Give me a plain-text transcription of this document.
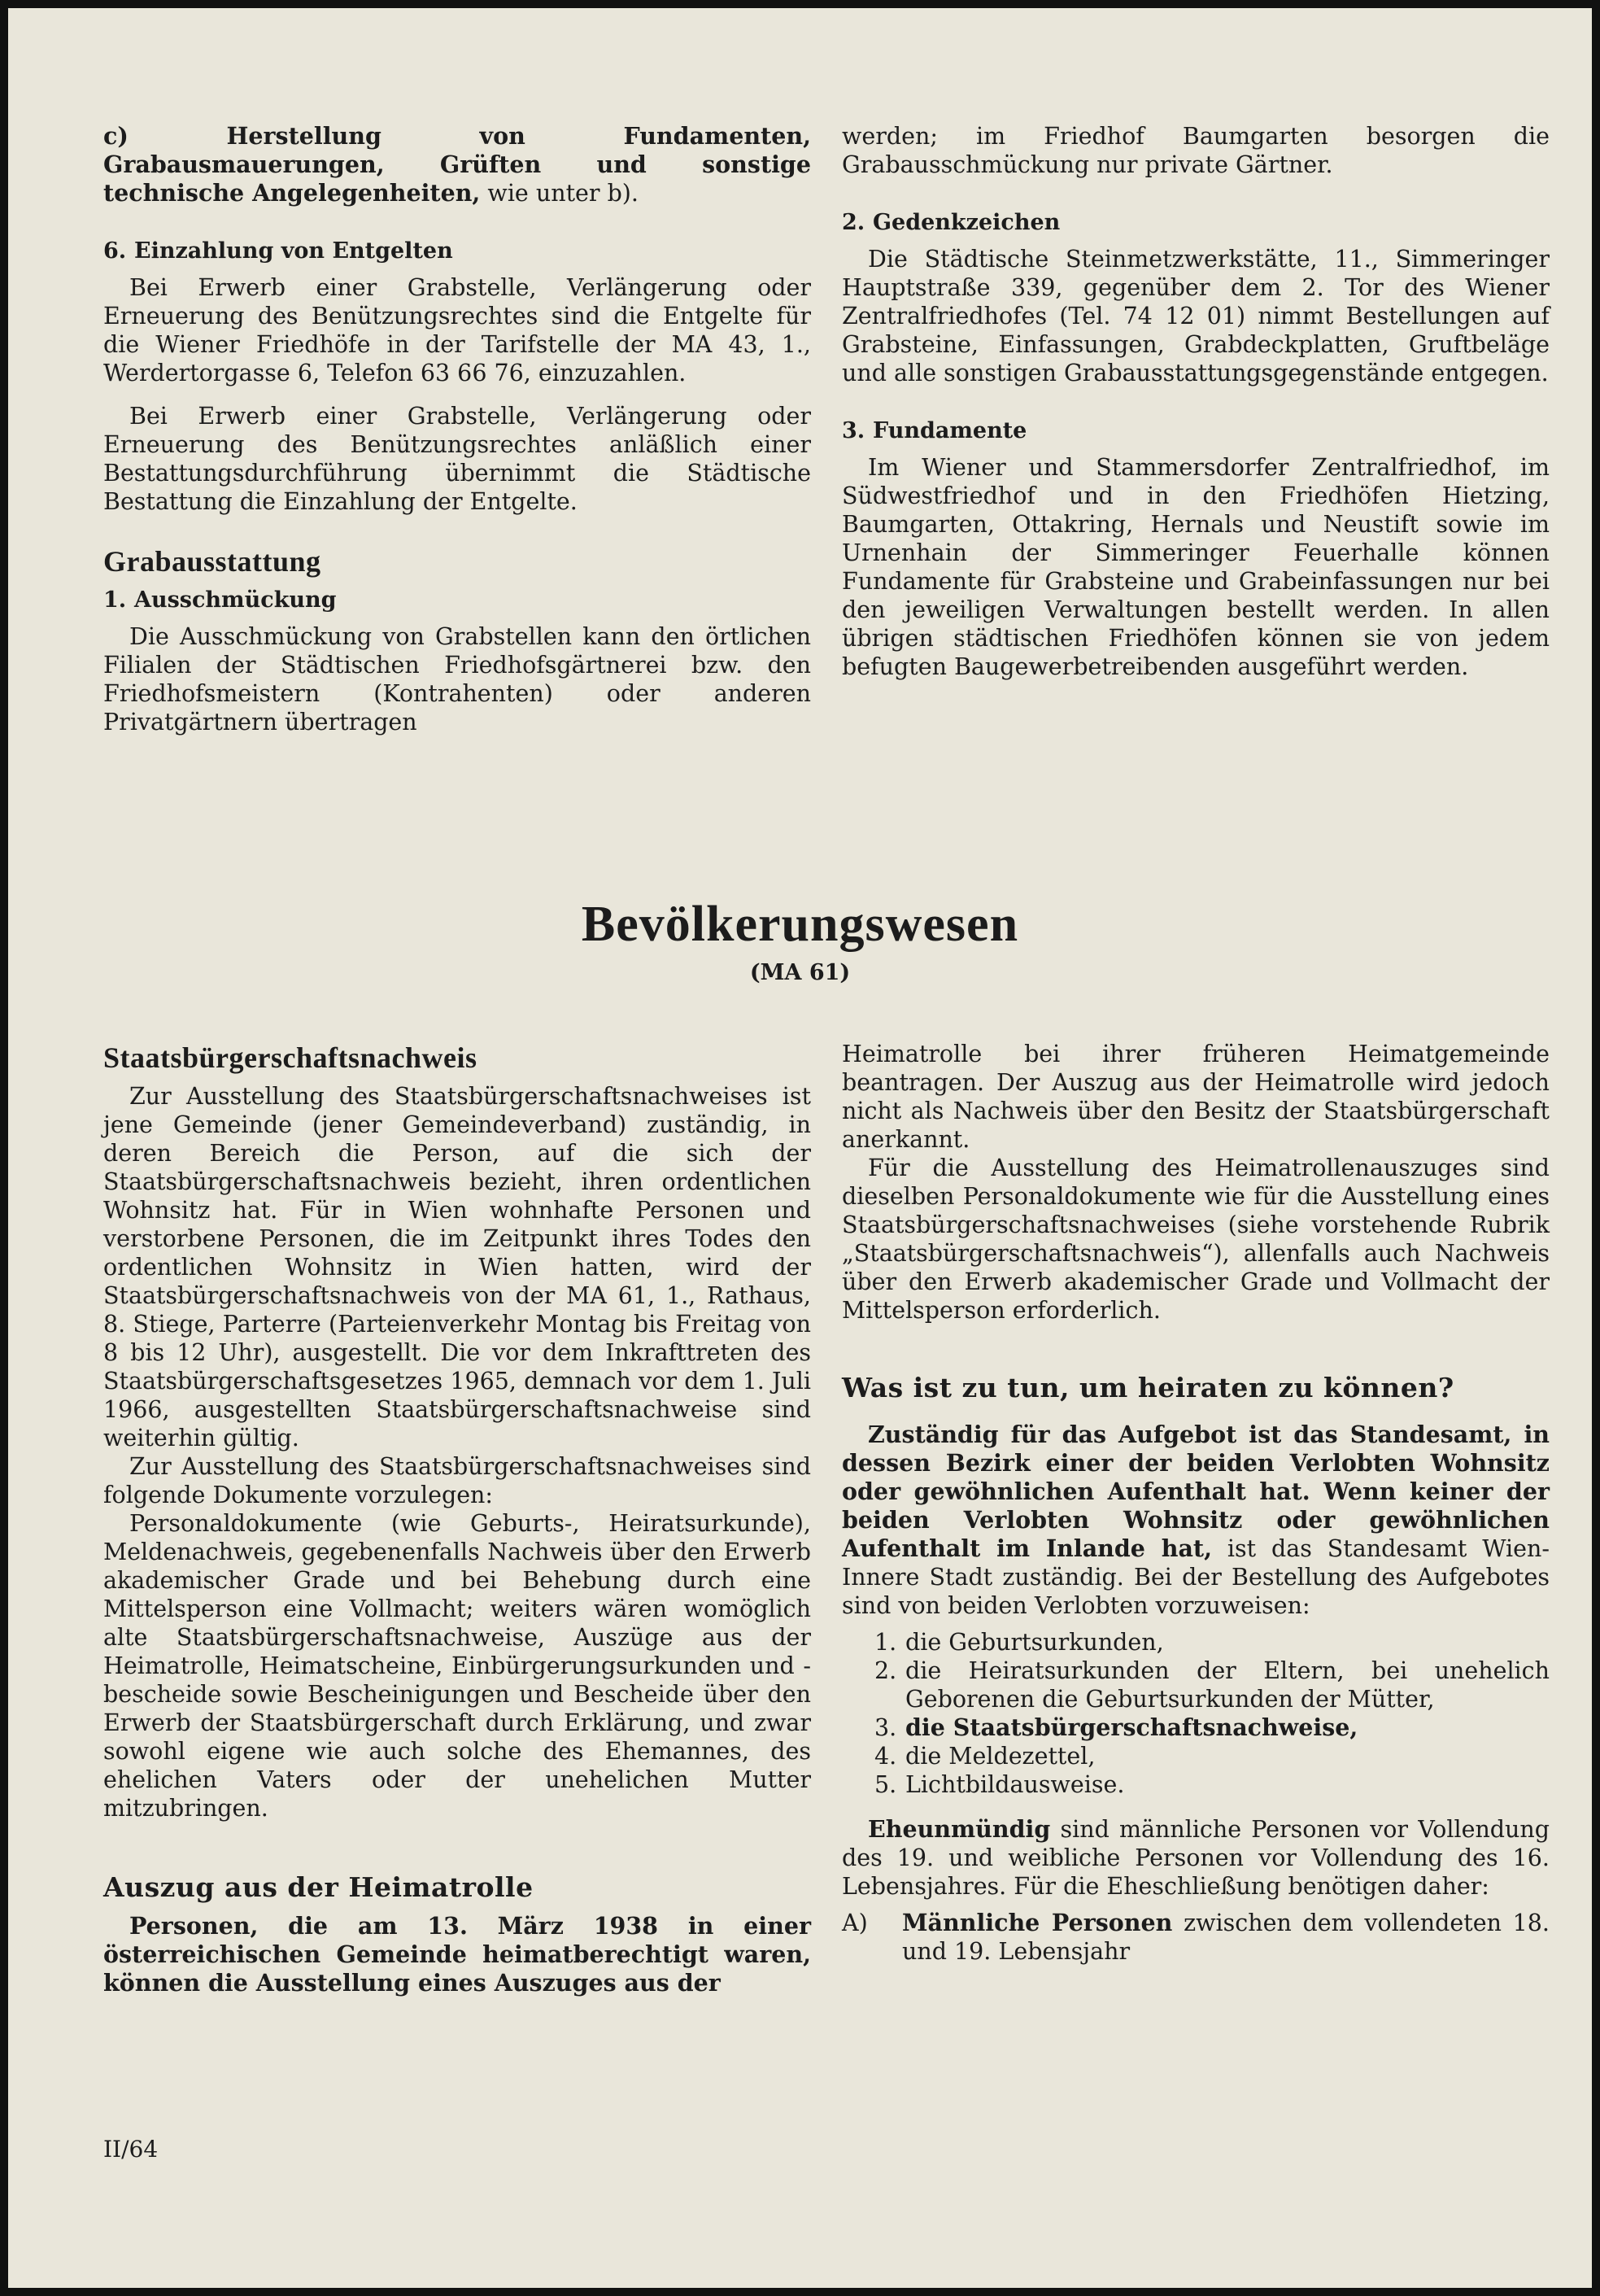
c) Herstellung von Fundamenten, Grabausmauerungen, Grüften und sonstige technische Angelegenheiten, wie unter b).

6. Einzahlung von Entgelten

Bei Erwerb einer Grabstelle, Verlängerung oder Erneuerung des Benützungsrechtes sind die Entgelte für die Wiener Friedhöfe in der Tarifstelle der MA 43, 1., Werdertorgasse 6, Telefon 63 66 76, einzuzahlen.

Bei Erwerb einer Grabstelle, Verlängerung oder Erneuerung des Benützungsrechtes anläßlich einer Bestattungsdurchführung übernimmt die Städtische Bestattung die Einzahlung der Entgelte.

Grabausstattung
1. Ausschmückung

Die Ausschmückung von Grabstellen kann den örtlichen Filialen der Städtischen Friedhofsgärtnerei bzw. den Friedhofsmeistern (Kontrahenten) oder anderen Privatgärtnern übertragen

werden; im Friedhof Baumgarten besorgen die Grabausschmückung nur private Gärtner.

2. Gedenkzeichen

Die Städtische Steinmetzwerkstätte, 11., Simmeringer Hauptstraße 339, gegenüber dem 2. Tor des Wiener Zentralfriedhofes (Tel. 74 12 01) nimmt Bestellungen auf Grabsteine, Einfassungen, Grabdeckplatten, Gruftbeläge und alle sonstigen Grabausstattungsgegenstände entgegen.

3. Fundamente

Im Wiener und Stammersdorfer Zentralfriedhof, im Südwestfriedhof und in den Friedhöfen Hietzing, Baumgarten, Ottakring, Hernals und Neustift sowie im Urnenhain der Simmeringer Feuerhalle können Fundamente für Grabsteine und Grabeinfassungen nur bei den jeweiligen Verwaltungen bestellt werden. In allen übrigen städtischen Friedhöfen können sie von jedem befugten Baugewerbetreibenden ausgeführt werden.

Bevölkerungswesen
(MA 61)
Staatsbürgerschaftsnachweis

Zur Ausstellung des Staatsbürgerschaftsnachweises ist jene Gemeinde (jener Gemeindeverband) zuständig, in deren Bereich die Person, auf die sich der Staatsbürgerschaftsnachweis bezieht, ihren ordentlichen Wohnsitz hat. Für in Wien wohnhafte Personen und verstorbene Personen, die im Zeitpunkt ihres Todes den ordentlichen Wohnsitz in Wien hatten, wird der Staatsbürgerschaftsnachweis von der MA 61, 1., Rathaus, 8. Stiege, Parterre (Parteienverkehr Montag bis Freitag von 8 bis 12 Uhr), ausgestellt. Die vor dem Inkrafttreten des Staatsbürgerschaftsgesetzes 1965, demnach vor dem 1. Juli 1966, ausgestellten Staatsbürgerschaftsnachweise sind weiterhin gültig.

Zur Ausstellung des Staatsbürgerschaftsnachweises sind folgende Dokumente vorzulegen:

Personaldokumente (wie Geburts-, Heiratsurkunde), Meldenachweis, gegebenenfalls Nachweis über den Erwerb akademischer Grade und bei Behebung durch eine Mittelsperson eine Vollmacht; weiters wären womöglich alte Staatsbürgerschaftsnachweise, Auszüge aus der Heimatrolle, Heimatscheine, Einbürgerungsurkunden und -bescheide sowie Bescheinigungen und Bescheide über den Erwerb der Staatsbürgerschaft durch Erklärung, und zwar sowohl eigene wie auch solche des Ehemannes, des ehelichen Vaters oder der unehelichen Mutter mitzubringen.

Auszug aus der Heimatrolle

Personen, die am 13. März 1938 in einer österreichischen Gemeinde heimatberechtigt waren, können die Ausstellung eines Auszuges aus der

Heimatrolle bei ihrer früheren Heimatgemeinde beantragen. Der Auszug aus der Heimatrolle wird jedoch nicht als Nachweis über den Besitz der Staatsbürgerschaft anerkannt.

Für die Ausstellung des Heimatrollenauszuges sind dieselben Personaldokumente wie für die Ausstellung eines Staatsbürgerschaftsnachweises (siehe vorstehende Rubrik „Staatsbürgerschaftsnachweis“), allenfalls auch Nachweis über den Erwerb akademischer Grade und Vollmacht der Mittelsperson erforderlich.

Was ist zu tun, um heiraten zu können?

Zuständig für das Aufgebot ist das Standesamt, in dessen Bezirk einer der beiden Verlobten Wohnsitz oder gewöhnlichen Aufenthalt hat. Wenn keiner der beiden Verlobten Wohnsitz oder gewöhnlichen Aufenthalt im Inlande hat, ist das Standesamt Wien-Innere Stadt zuständig. Bei der Bestellung des Aufgebotes sind von beiden Verlobten vorzuweisen:

1. die Geburtsurkunden,
2. die Heiratsurkunden der Eltern, bei unehelich Geborenen die Geburtsurkunden der Mütter,
3. die Staatsbürgerschaftsnachweise,
4. die Meldezettel,
5. Lichtbildausweise.

Eheunmündig sind männliche Personen vor Vollendung des 19. und weibliche Personen vor Vollendung des 16. Lebensjahres. Für die Eheschließung benötigen daher:

A) Männliche Personen zwischen dem vollendeten 18. und 19. Lebensjahr
II/64
